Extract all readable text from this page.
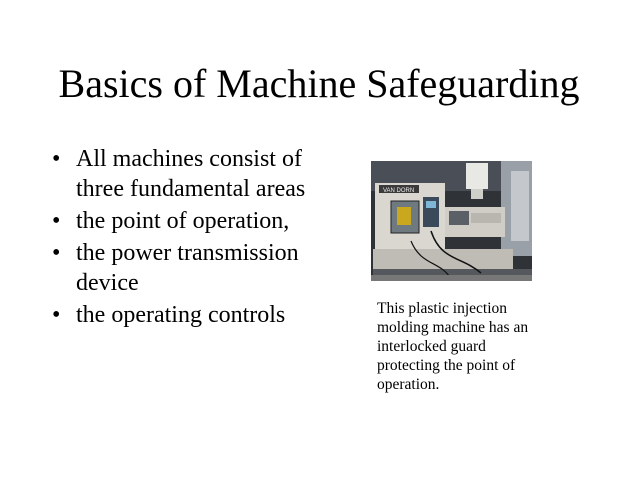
Basics of Machine Safeguarding
• All machines consist of three fundamental areas
• the point of operation,
• the power transmission device
• the operating controls
VAN DORN
This plastic injection molding machine has an interlocked guard protecting the point of operation.
